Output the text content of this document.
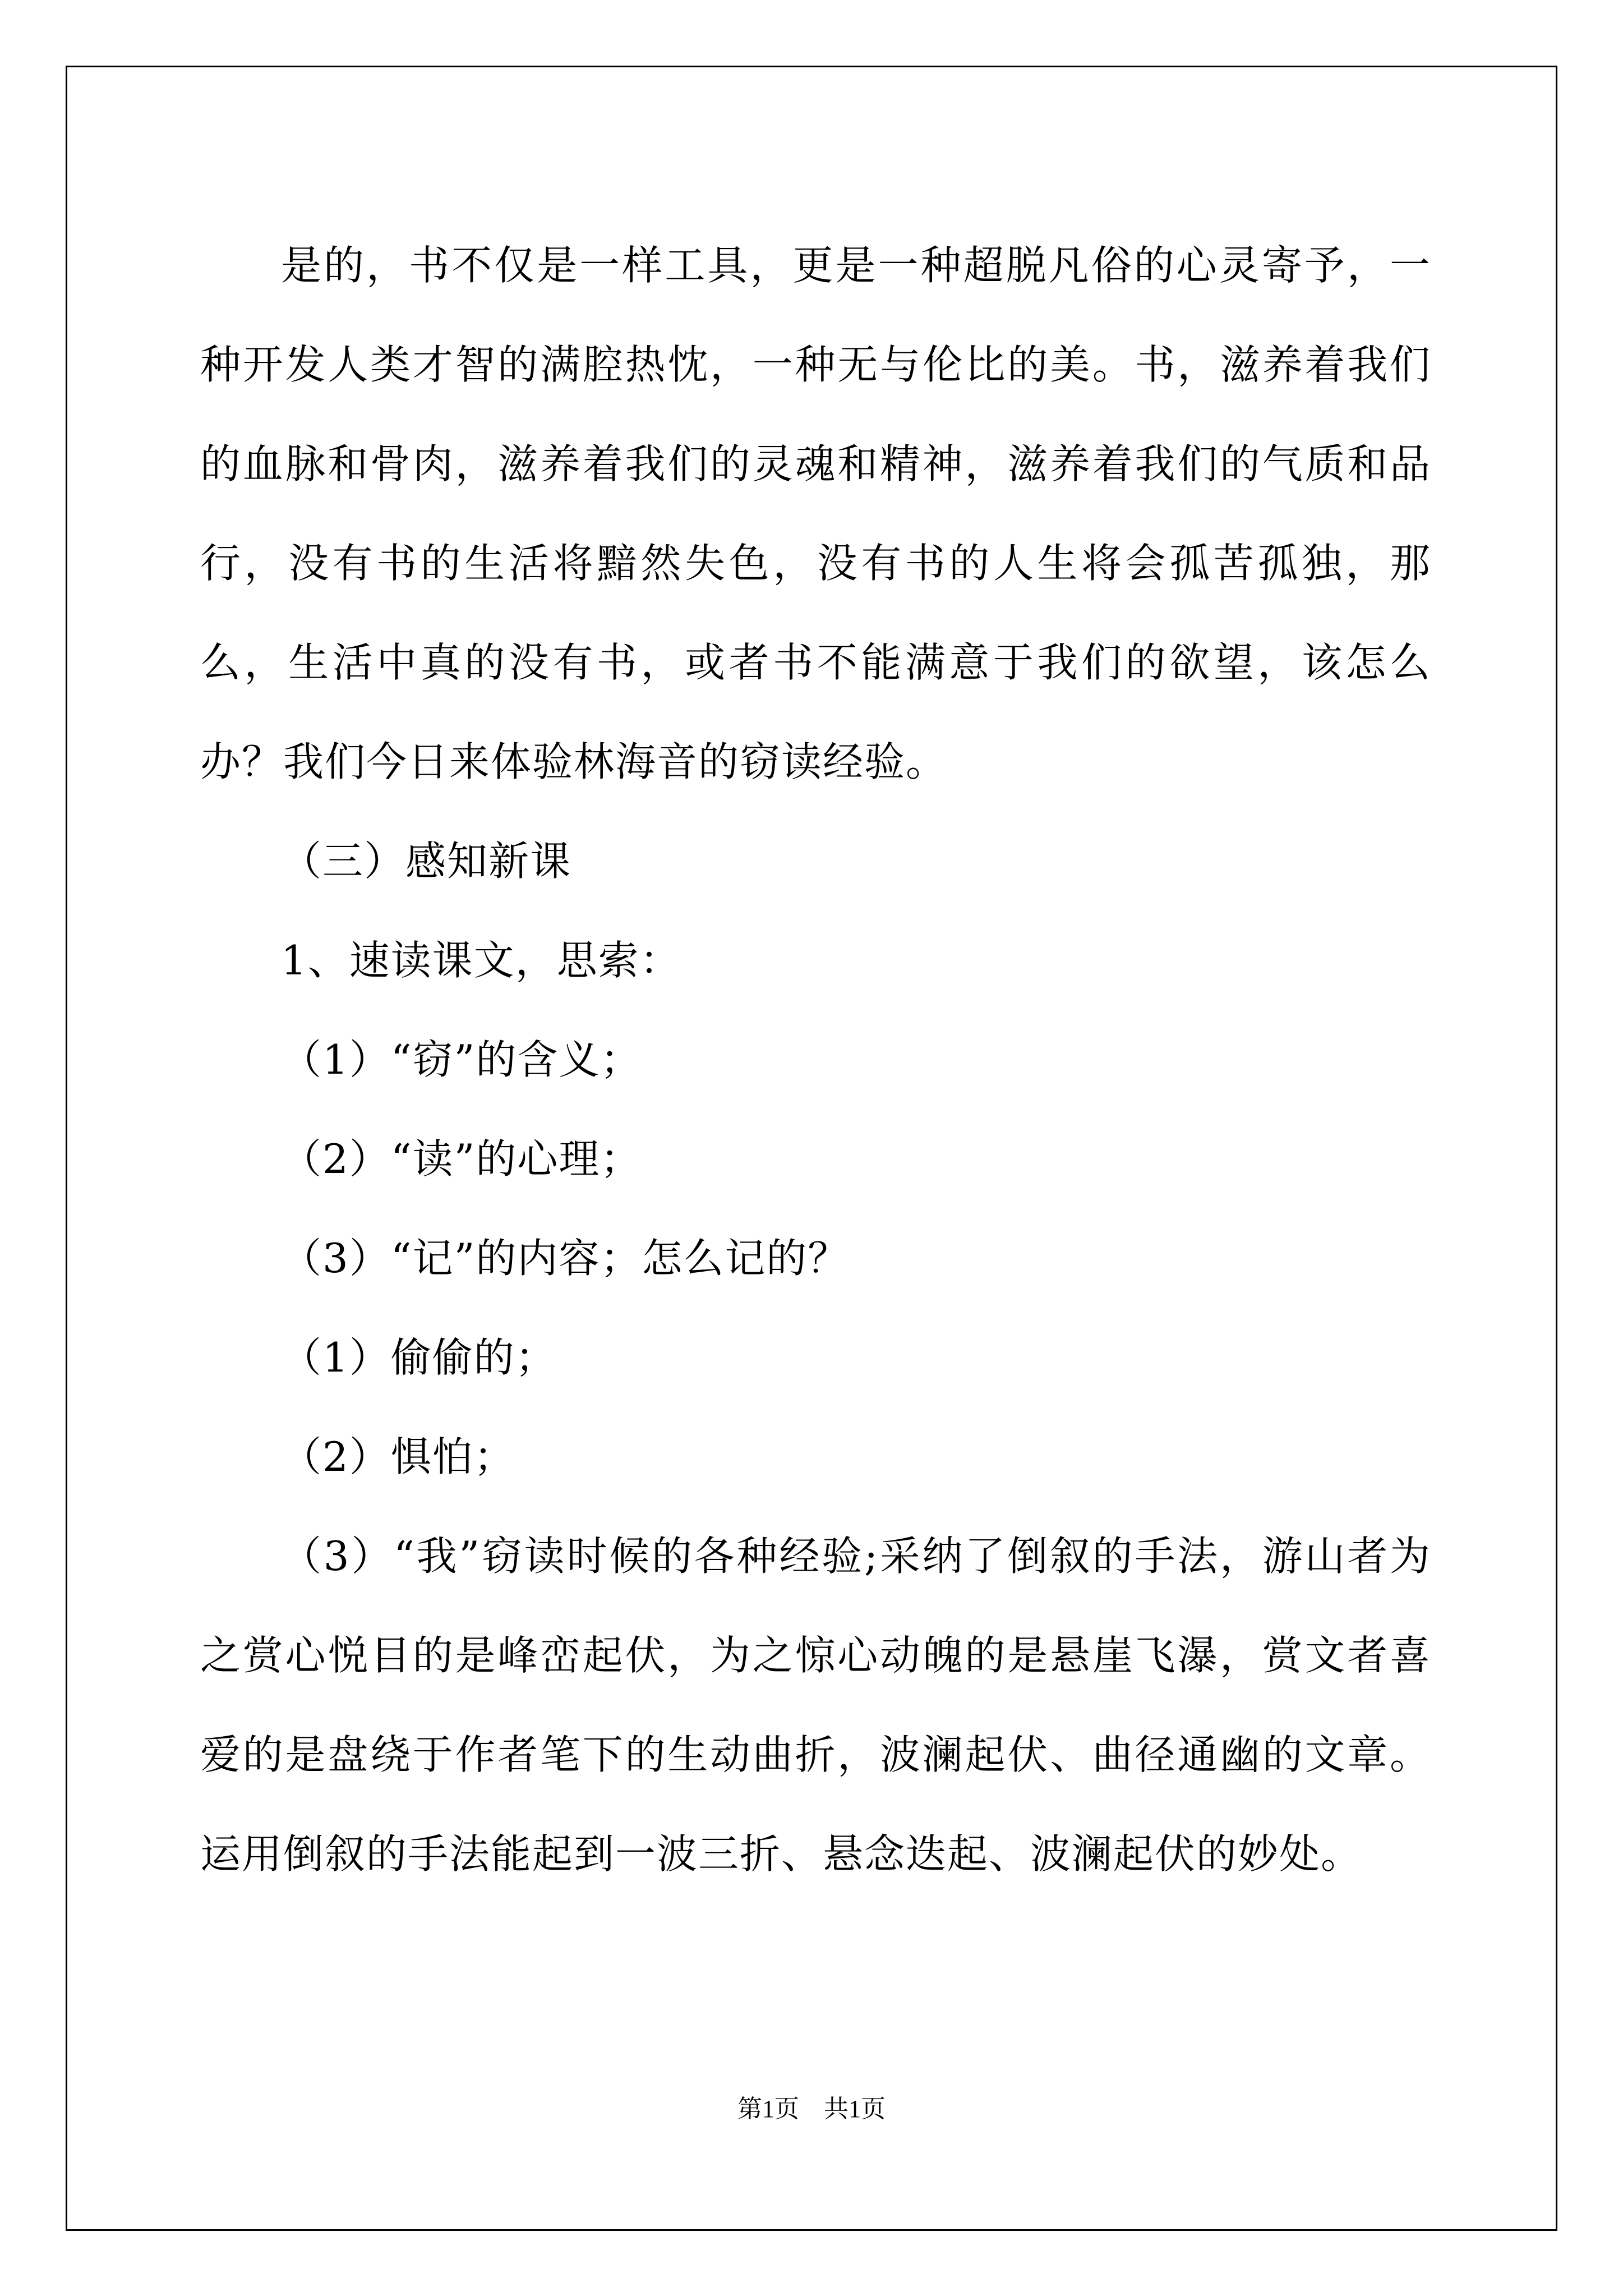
是的，书不仅是一样工具，更是一种超脱凡俗的心灵寄予，一种开发人类才智的满腔热忱，一种无与伦比的美。书，滋养着我们的血脉和骨肉，滋养着我们的灵魂和精神，滋养着我们的气质和品行，没有书的生活将黯然失色，没有书的人生将会孤苦孤独，那么，生活中真的没有书，或者书不能满意于我们的欲望，该怎么办？我们今日来体验林海音的窃读经验。

（三）感知新课

1、速读课文，思索：

（1）“窃”的含义；

（2）“读”的心理；

（3）“记”的内容；怎么记的？

（1）偷偷的；

（2）惧怕；

（3）“我”窃读时候的各种经验;采纳了倒叙的手法，游山者为之赏心悦目的是峰峦起伏，为之惊心动魄的是悬崖飞瀑，赏文者喜爱的是盘绕于作者笔下的生动曲折，波澜起伏、曲径通幽的文章。运用倒叙的手法能起到一波三折、悬念迭起、波澜起伏的妙处。

第1页　共1页
